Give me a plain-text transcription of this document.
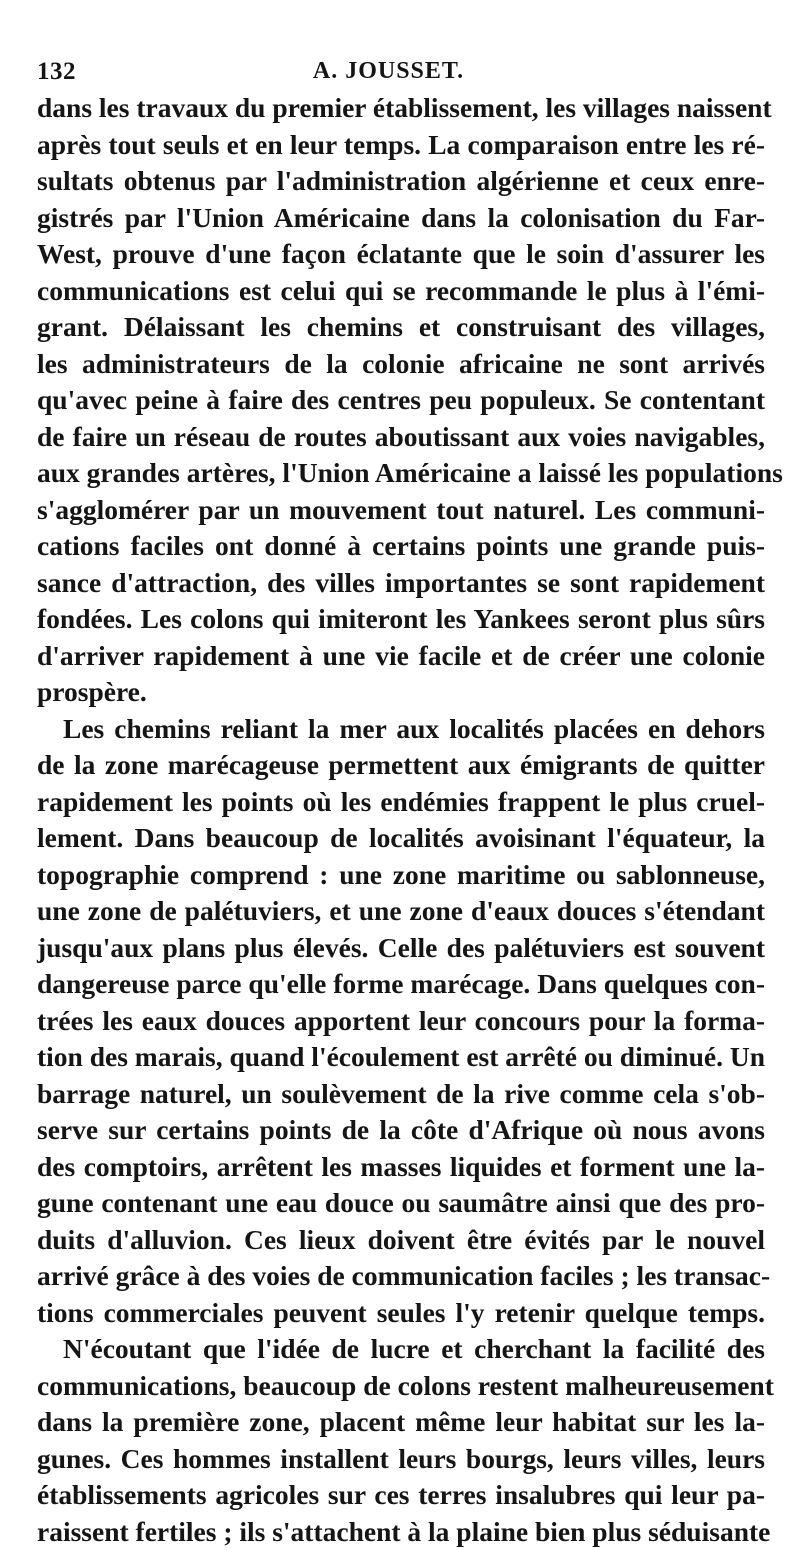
132	A. JOUSSET.
dans les travaux du premier établissement, les villages naissent
après tout seuls et en leur temps. La comparaison entre les ré-
sultats obtenus par l'administration algérienne et ceux enre-
gistrés par l'Union Américaine dans la colonisation du Far-
West, prouve d'une façon éclatante que le soin d'assurer les
communications est celui qui se recommande le plus à l'émi-
grant. Délaissant les chemins et construisant des villages,
les administrateurs de la colonie africaine ne sont arrivés
qu'avec peine à faire des centres peu populeux. Se contentant
de faire un réseau de routes aboutissant aux voies navigables,
aux grandes artères, l'Union Américaine a laissé les populations
s'agglomérer par un mouvement tout naturel. Les communi-
cations faciles ont donné à certains points une grande puis-
sance d'attraction, des villes importantes se sont rapidement
fondées. Les colons qui imiteront les Yankees seront plus sûrs
d'arriver rapidement à une vie facile et de créer une colonie
prospère.
Les chemins reliant la mer aux localités placées en dehors
de la zone marécageuse permettent aux émigrants de quitter
rapidement les points où les endémies frappent le plus cruel-
lement. Dans beaucoup de localités avoisinant l'équateur, la
topographie comprend : une zone maritime ou sablonneuse,
une zone de palétuviers, et une zone d'eaux douces s'étendant
jusqu'aux plans plus élevés. Celle des palétuviers est souvent
dangereuse parce qu'elle forme marécage. Dans quelques con-
trées les eaux douces apportent leur concours pour la forma-
tion des marais, quand l'écoulement est arrêté ou diminué. Un
barrage naturel, un soulèvement de la rive comme cela s'ob-
serve sur certains points de la côte d'Afrique où nous avons
des comptoirs, arrêtent les masses liquides et forment une la-
gune contenant une eau douce ou saumâtre ainsi que des pro-
duits d'alluvion. Ces lieux doivent être évités par le nouvel
arrivé grâce à des voies de communication faciles ; les transac-
tions commerciales peuvent seules l'y retenir quelque temps.
N'écoutant que l'idée de lucre et cherchant la facilité des
communications, beaucoup de colons restent malheureusement
dans la première zone, placent même leur habitat sur les la-
gunes. Ces hommes installent leurs bourgs, leurs villes, leurs
établissements agricoles sur ces terres insalubres qui leur pa-
raissent fertiles ; ils s'attachent à la plaine bien plus séduisante
